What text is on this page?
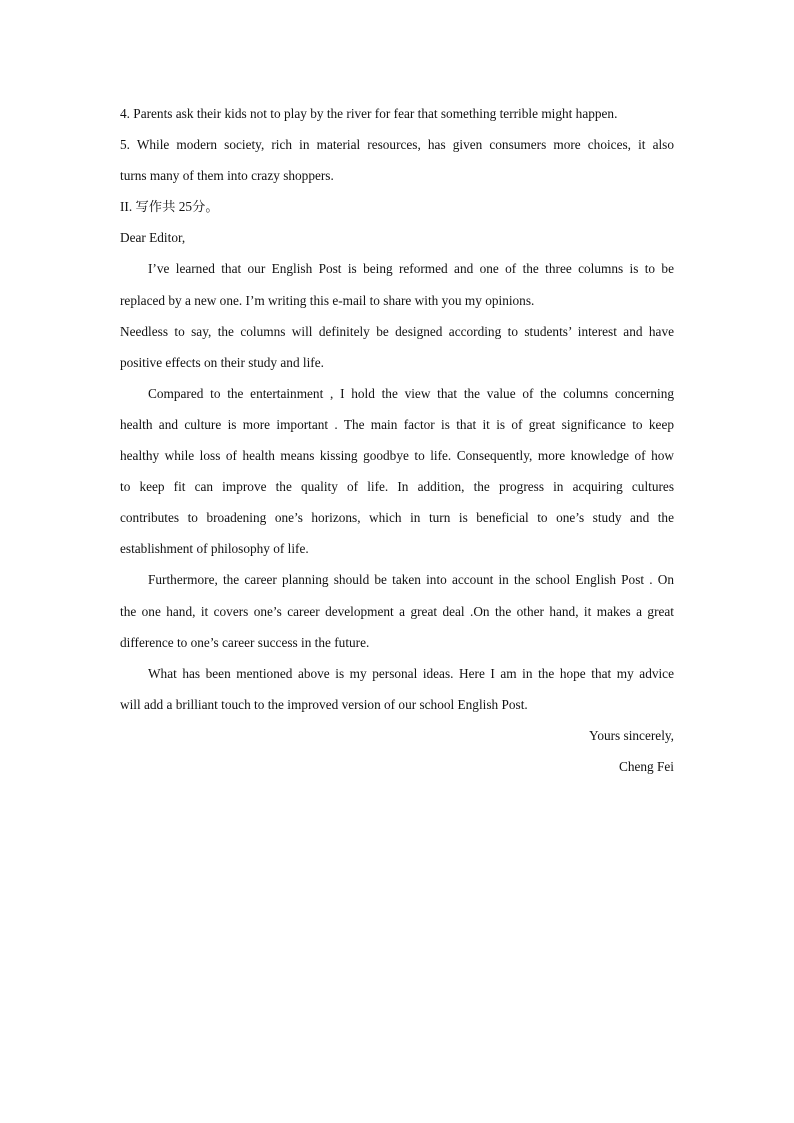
4. Parents ask their kids not to play by the river for fear that something terrible might happen.
5. While modern society, rich in material resources, has given consumers more choices, it also
turns many of them into crazy shoppers.
II. 写作共 25分。
Dear Editor,
I’ve learned that our English Post is being reformed and one of the three columns is to be
replaced by a new one. I’m writing this e-mail to share with you my opinions.
Needless to say, the columns will definitely be designed according to students’ interest and have
positive effects on their study and life.
Compared to the entertainment , I hold the view that the value of the columns concerning
health and culture is more important . The main factor is that it is of great significance to keep
healthy while loss of health means kissing goodbye to life. Consequently, more knowledge of how
to keep fit can improve the quality of life. In addition, the progress in acquiring cultures
contributes to broadening one’s horizons, which in turn is beneficial to one’s study and the
establishment of philosophy of life.
Furthermore, the career planning should be taken into account in the school English Post . On
the one hand, it covers one’s career development a great deal .On the other hand, it makes a great
difference to one’s career success in the future.
What has been mentioned above is my personal ideas. Here I am in the hope that my advice
will add a brilliant touch to the improved version of our school English Post.
Yours sincerely,
Cheng Fei
